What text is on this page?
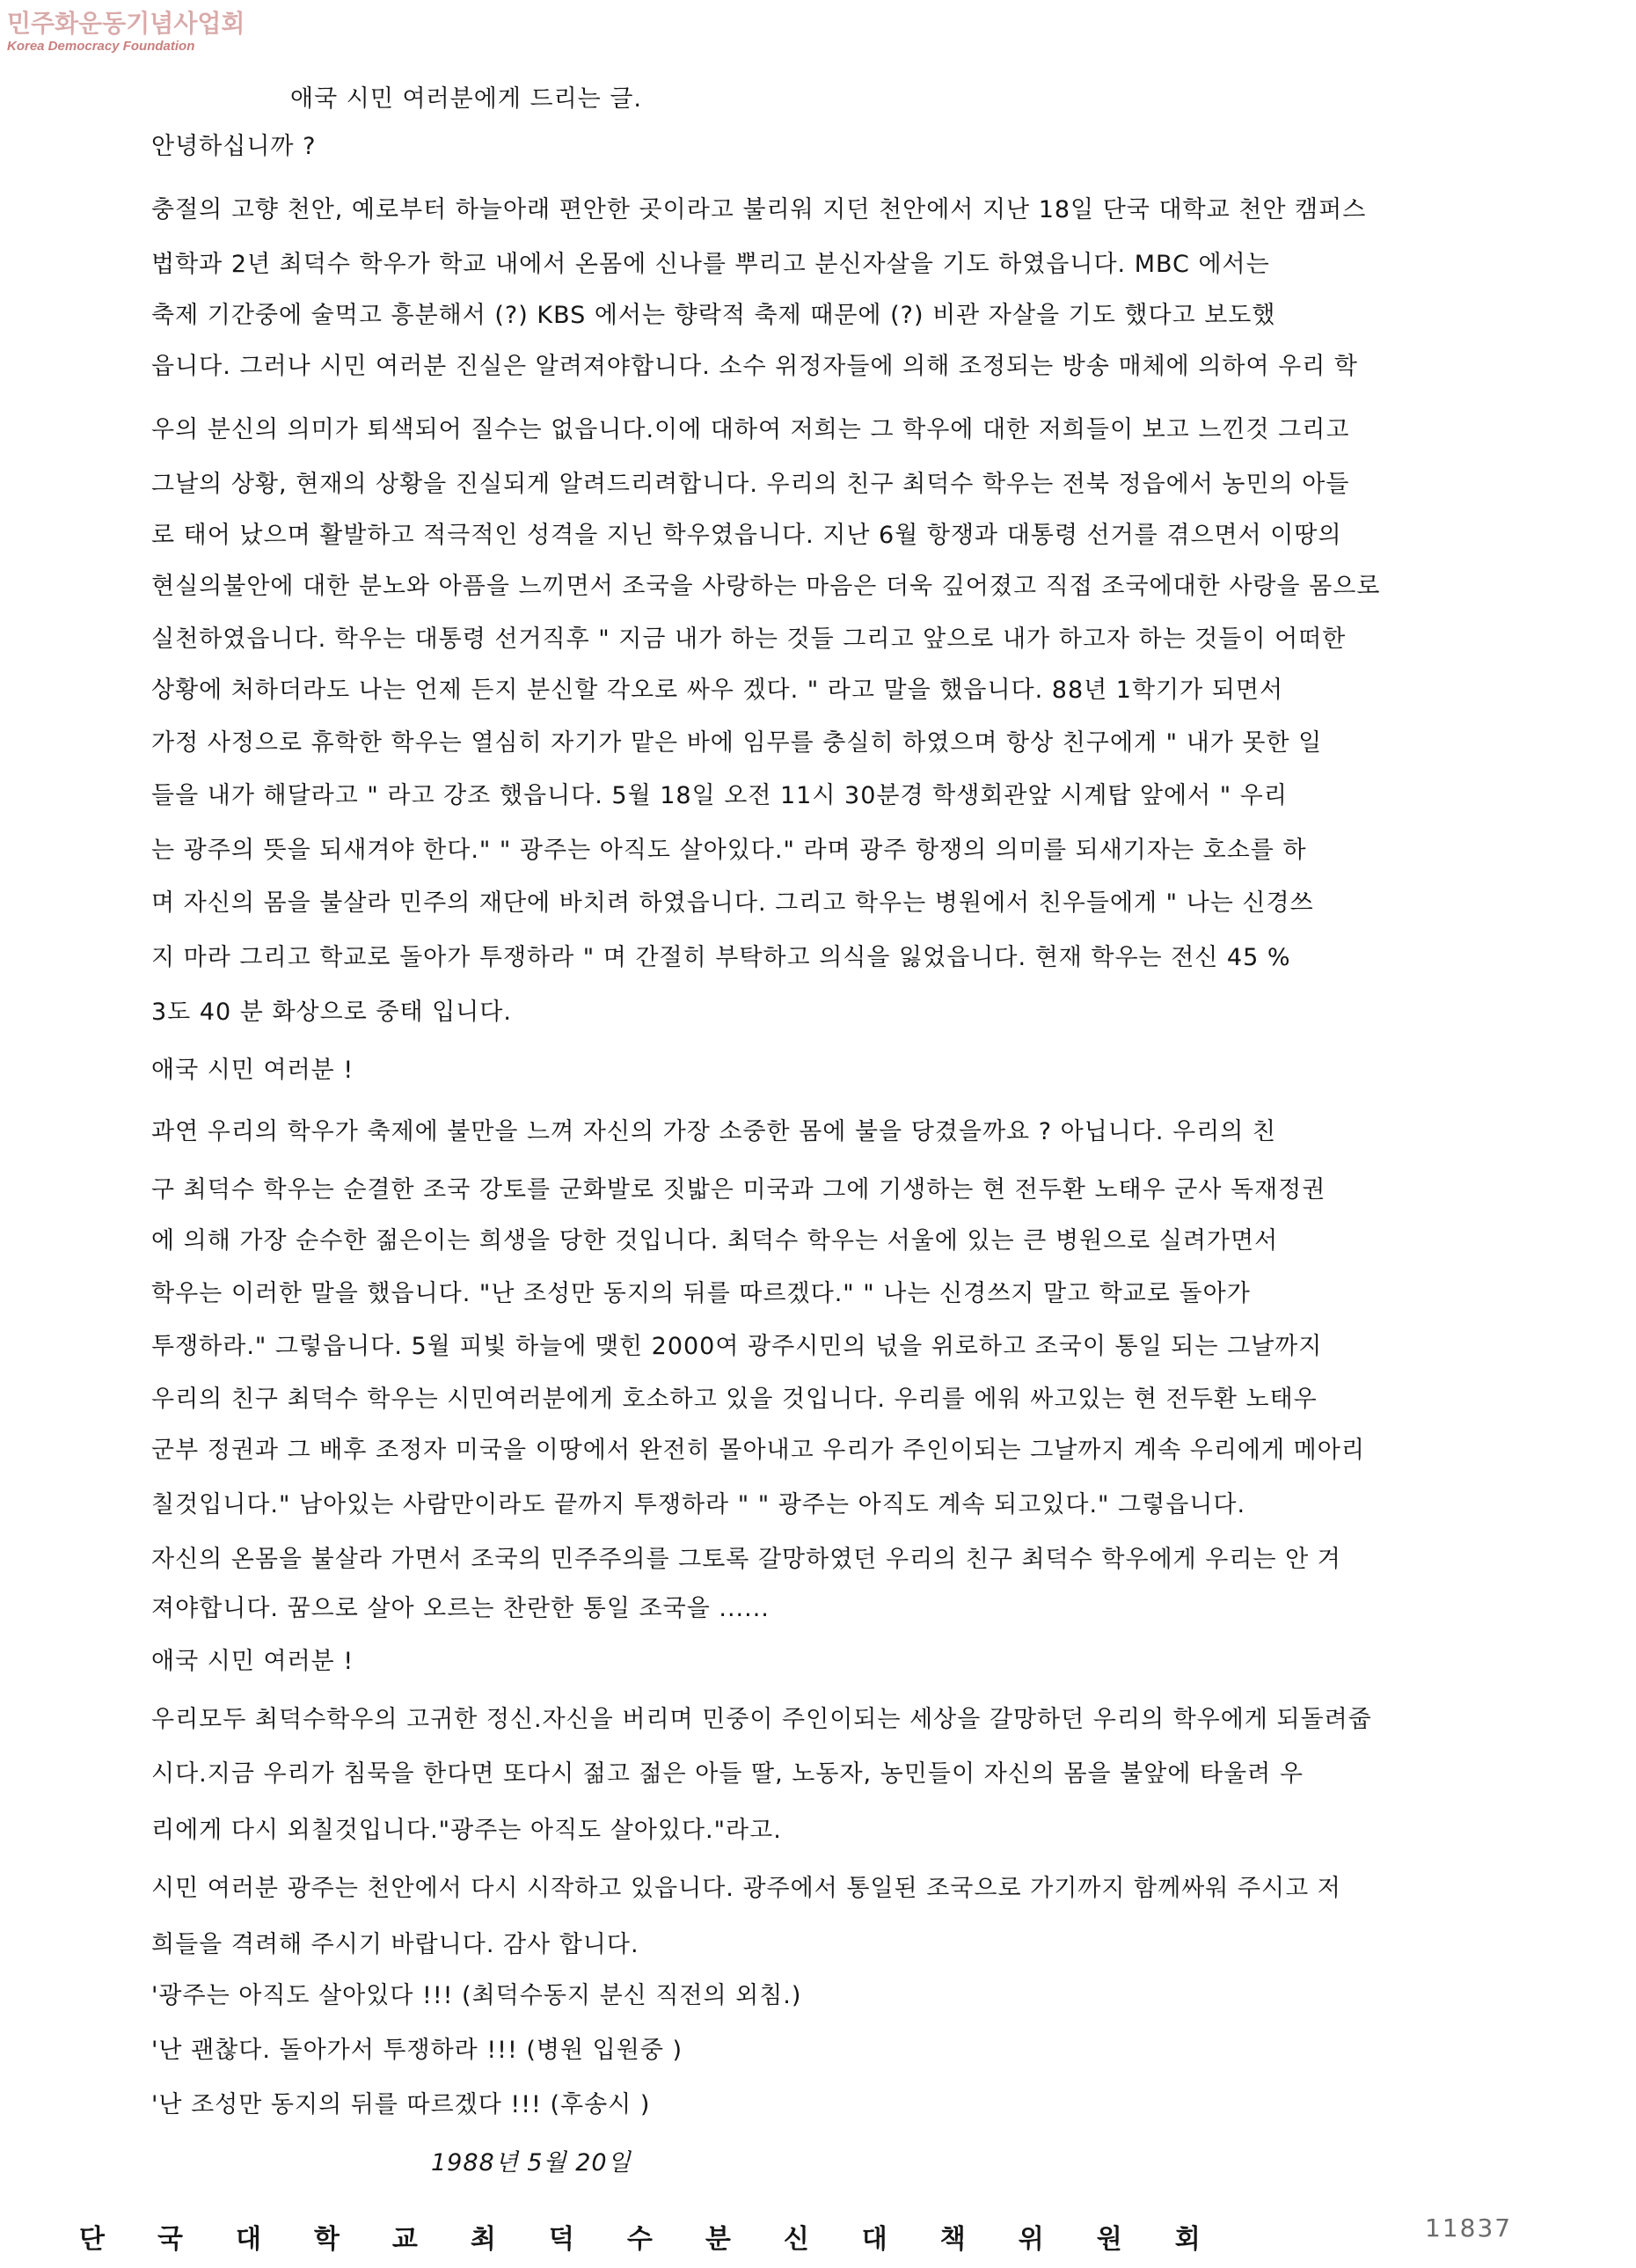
민주화운동기념사업회
Korea Democracy Foundation
애국 시민 여러분에게 드리는 글.
안녕하십니까 ?
충절의 고향 천안, 예로부터 하늘아래 편안한 곳이라고 불리워 지던 천안에서 지난 18일 단국 대학교 천안 캠퍼스
법학과 2년 최덕수 학우가 학교 내에서 온몸에 신나를 뿌리고 분신자살을 기도 하였읍니다. MBC 에서는
축제 기간중에 술먹고 흥분해서 (?) KBS 에서는 향락적 축제 때문에 (?) 비관 자살을 기도 했다고 보도했
읍니다. 그러나 시민 여러분 진실은 알려져야합니다. 소수 위정자들에 의해 조정되는 방송 매체에 의하여 우리 학
우의 분신의 의미가 퇴색되어 질수는 없읍니다.이에 대하여 저희는 그 학우에 대한 저희들이 보고 느낀것 그리고
그날의 상황, 현재의 상황을 진실되게 알려드리려합니다. 우리의 친구 최덕수 학우는 전북 정읍에서 농민의 아들
로 태어 났으며 활발하고 적극적인 성격을 지닌 학우였읍니다. 지난 6월 항쟁과 대통령 선거를 겪으면서 이땅의
현실의불안에 대한 분노와 아픔을 느끼면서 조국을 사랑하는 마음은 더욱 깊어졌고 직접 조국에대한 사랑을 몸으로
실천하였읍니다. 학우는 대통령 선거직후 " 지금 내가 하는 것들 그리고 앞으로 내가 하고자 하는 것들이 어떠한
상황에 처하더라도 나는 언제 든지 분신할 각오로 싸우 겠다. " 라고 말을 했읍니다. 88년 1학기가 되면서
가정 사정으로 휴학한 학우는 열심히 자기가 맡은 바에 임무를 충실히 하였으며 항상 친구에게 " 내가 못한 일
들을 내가 해달라고 " 라고 강조 했읍니다. 5월 18일 오전 11시 30분경 학생회관앞 시계탑 앞에서 " 우리
는 광주의 뜻을 되새겨야 한다." " 광주는 아직도 살아있다." 라며 광주 항쟁의 의미를 되새기자는 호소를 하
며 자신의 몸을 불살라 민주의 재단에 바치려 하였읍니다. 그리고 학우는 병원에서 친우들에게 " 나는 신경쓰
지 마라 그리고 학교로 돌아가 투쟁하라 " 며 간절히 부탁하고 의식을 잃었읍니다. 현재 학우는 전신 45 %
3도 40 분 화상으로 중태 입니다.
애국 시민 여러분 !
과연 우리의 학우가 축제에 불만을 느껴 자신의 가장 소중한 몸에 불을 당겼을까요 ? 아닙니다. 우리의 친
구 최덕수 학우는 순결한 조국 강토를 군화발로 짓밟은 미국과 그에 기생하는 현 전두환 노태우 군사 독재정권
에 의해 가장 순수한 젊은이는 희생을 당한 것입니다. 최덕수 학우는 서울에 있는 큰 병원으로 실려가면서
학우는 이러한 말을 했읍니다. "난 조성만 동지의 뒤를 따르겠다." " 나는 신경쓰지 말고 학교로 돌아가
투쟁하라." 그렇읍니다. 5월 피빛 하늘에 맺힌 2000여 광주시민의 넋을 위로하고 조국이 통일 되는 그날까지
우리의 친구 최덕수 학우는 시민여러분에게 호소하고 있을 것입니다. 우리를 에워 싸고있는 현 전두환 노태우
군부 정권과 그 배후 조정자 미국을 이땅에서 완전히 몰아내고 우리가 주인이되는 그날까지 계속 우리에게 메아리
칠것입니다." 남아있는 사람만이라도 끝까지 투쟁하라 " " 광주는 아직도 계속 되고있다." 그렇읍니다.
자신의 온몸을 불살라 가면서 조국의 민주주의를 그토록 갈망하였던 우리의 친구 최덕수 학우에게 우리는 안 겨
져야합니다. 꿈으로 살아 오르는 찬란한 통일 조국을 ......
애국 시민 여러분 !
우리모두 최덕수학우의 고귀한 정신.자신을 버리며 민중이 주인이되는 세상을 갈망하던 우리의 학우에게 되돌려줍
시다.지금 우리가 침묵을 한다면 또다시 젊고 젊은 아들 딸, 노동자, 농민들이 자신의 몸을 불앞에 타울려 우
리에게 다시 외칠것입니다."광주는 아직도 살아있다."라고.
시민 여러분 광주는 천안에서 다시 시작하고 있읍니다. 광주에서 통일된 조국으로 가기까지 함께싸워 주시고 저
희들을 격려해 주시기 바랍니다. 감사 합니다.
'광주는 아직도 살아있다 !!! (최덕수동지 분신 직전의 외침.)
'난 괜찮다. 돌아가서 투쟁하라 !!! (병원 입원중 )
'난 조성만 동지의 뒤를 따르겠다 !!! (후송시 )
1988년 5월 20일
단국대학교최덕수분신대책위원회	11837
